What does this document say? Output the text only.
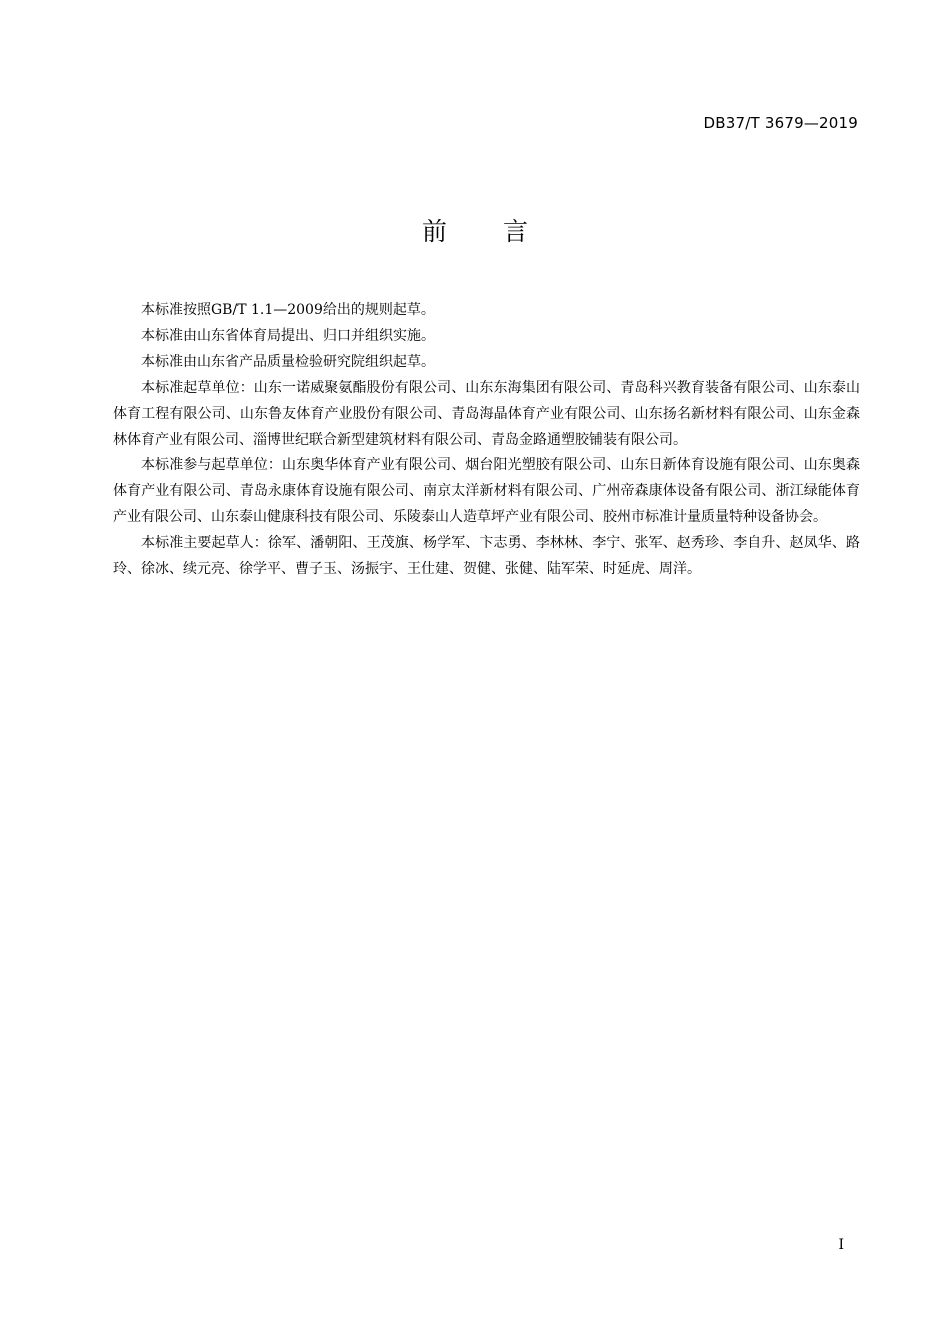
DB37/T 3679—2019
前 言

本标准按照GB/T 1.1—2009给出的规则起草。

本标准由山东省体育局提出、归口并组织实施。

本标准由山东省产品质量检验研究院组织起草。

本标准起草单位：山东一诺威聚氨酯股份有限公司、山东东海集团有限公司、青岛科兴教育装备有限公司、山东泰山体育工程有限公司、山东鲁友体育产业股份有限公司、青岛海晶体育产业有限公司、山东扬名新材料有限公司、山东金森林体育产业有限公司、淄博世纪联合新型建筑材料有限公司、青岛金路通塑胶铺装有限公司。

本标准参与起草单位：山东奥华体育产业有限公司、烟台阳光塑胶有限公司、山东日新体育设施有限公司、山东奥森体育产业有限公司、青岛永康体育设施有限公司、南京太洋新材料有限公司、广州帝森康体设备有限公司、浙江绿能体育产业有限公司、山东泰山健康科技有限公司、乐陵泰山人造草坪产业有限公司、胶州市标准计量质量特种设备协会。

本标准主要起草人：徐军、潘朝阳、王茂旗、杨学军、卞志勇、李林林、李宁、张军、赵秀珍、李自升、赵凤华、路玲、徐冰、续元亮、徐学平、曹子玉、汤振宇、王仕建、贺健、张健、陆军荣、时延虎、周洋。

I
